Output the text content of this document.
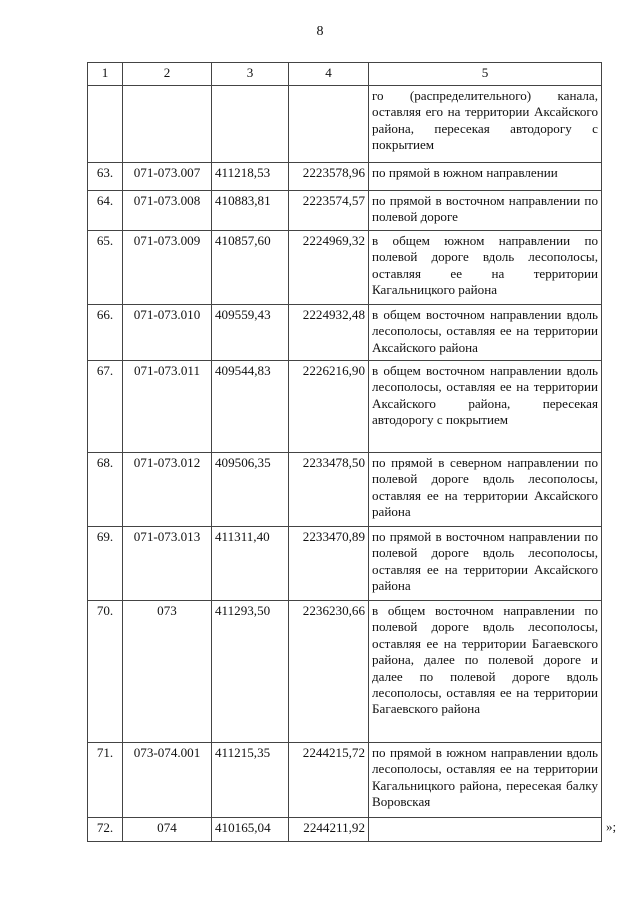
8
1	2	3	4	5
				го (распределительного) канала, оставляя его на территории Аксайского района, пересекая автодорогу с покрытием
63.	071-073.007	411218,53	2223578,96	по прямой в южном направлении
64.	071-073.008	410883,81	2223574,57	по прямой в восточном направлении по полевой дороге
65.	071-073.009	410857,60	2224969,32	в общем южном направлении по полевой дороге вдоль лесополосы, оставляя ее на территории Кагальницкого района
66.	071-073.010	409559,43	2224932,48	в общем восточном направлении вдоль лесополосы, оставляя ее на территории Аксайского района
67.	071-073.011	409544,83	2226216,90	в общем восточном направлении вдоль лесополосы, оставляя ее на территории Аксайского района, пересекая автодорогу с покрытием
68.	071-073.012	409506,35	2233478,50	по прямой в северном направлении по полевой дороге вдоль лесополосы, оставляя ее на территории Аксайского района
69.	071-073.013	411311,40	2233470,89	по прямой в восточном направлении по полевой дороге вдоль лесополосы, оставляя ее на территории Аксайского района
70.	073	411293,50	2236230,66	в общем восточном направлении по полевой дороге вдоль лесополосы, оставляя ее на территории Багаевского района, далее по полевой дороге и далее по полевой дороге вдоль лесополосы, оставляя ее на территории Багаевского района
71.	073-074.001	411215,35	2244215,72	по прямой в южном направлении вдоль лесополосы, оставляя ее на территории Кагальницкого района, пересекая балку Воровская
72.	074	410165,04	2244211,92		»;
